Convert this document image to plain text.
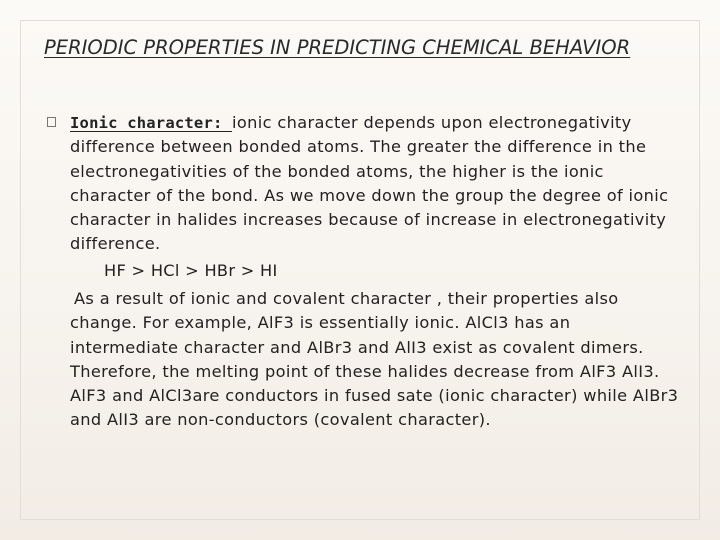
PERIODIC PROPERTIES IN PREDICTING CHEMICAL BEHAVIOR
Ionic character: ionic character depends upon electronegativity difference between bonded atoms. The greater the difference in the electronegativities of the bonded atoms, the higher is the ionic character of the bond. As we move down the group the degree of ionic character in halides increases because of increase in electronegativity difference.
HF > HCl > HBr > HI
As a result of ionic and covalent character , their properties also change. For example, AlF3 is essentially ionic. AlCl3 has an intermediate character and AlBr3 and AlI3 exist as covalent dimers. Therefore, the melting point of these halides decrease from AlF3 AlI3. AlF3 and AlCl3are conductors in fused sate (ionic character) while AlBr3 and AlI3 are non-conductors (covalent character).
